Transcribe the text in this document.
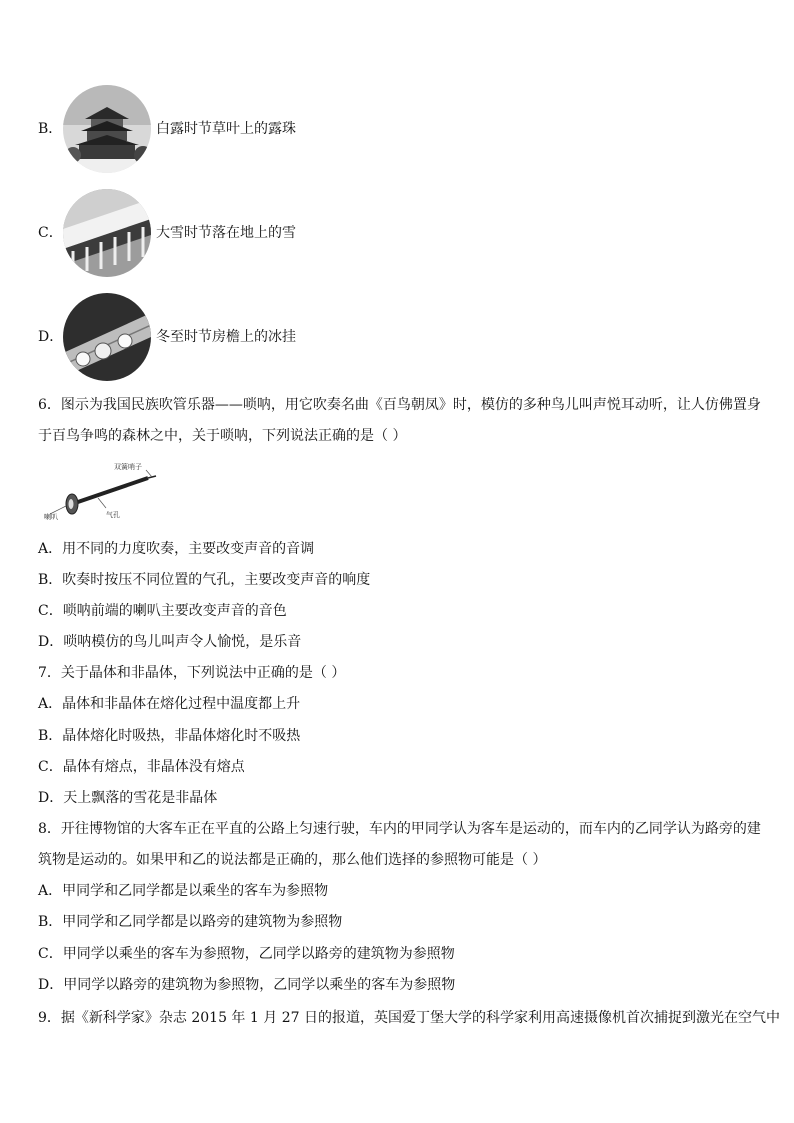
B．	白露时节草叶上的露珠
C．	大雪时节落在地上的雪
D．	冬至时节房檐上的冰挂
6．图示为我国民族吹管乐器——唢呐，用它吹奏名曲《百鸟朝凤》时，模仿的多种鸟儿叫声悦耳动听，让人仿佛置身
于百鸟争鸣的森林之中，关于唢呐，下列说法正确的是（ ）
双簧哨子
喇叭	气孔
A．用不同的力度吹奏，主要改变声音的音调
B．吹奏时按压不同位置的气孔，主要改变声音的响度
C．唢呐前端的喇叭主要改变声音的音色
D．唢呐模仿的鸟儿叫声令人愉悦，是乐音
7．关于晶体和非晶体，下列说法中正确的是（ ）
A．晶体和非晶体在熔化过程中温度都上升
B．晶体熔化时吸热，非晶体熔化时不吸热
C．晶体有熔点，非晶体没有熔点
D．天上飘落的雪花是非晶体
8．开往博物馆的大客车正在平直的公路上匀速行驶，车内的甲同学认为客车是运动的，而车内的乙同学认为路旁的建
筑物是运动的。如果甲和乙的说法都是正确的，那么他们选择的参照物可能是（ ）
A．甲同学和乙同学都是以乘坐的客车为参照物
B．甲同学和乙同学都是以路旁的建筑物为参照物
C．甲同学以乘坐的客车为参照物，乙同学以路旁的建筑物为参照物
D．甲同学以路旁的建筑物为参照物，乙同学以乘坐的客车为参照物
9．据《新科学家》杂志 2015 年 1 月 27 日的报道，英国爱丁堡大学的科学家利用高速摄像机首次捕捉到激光在空气中
